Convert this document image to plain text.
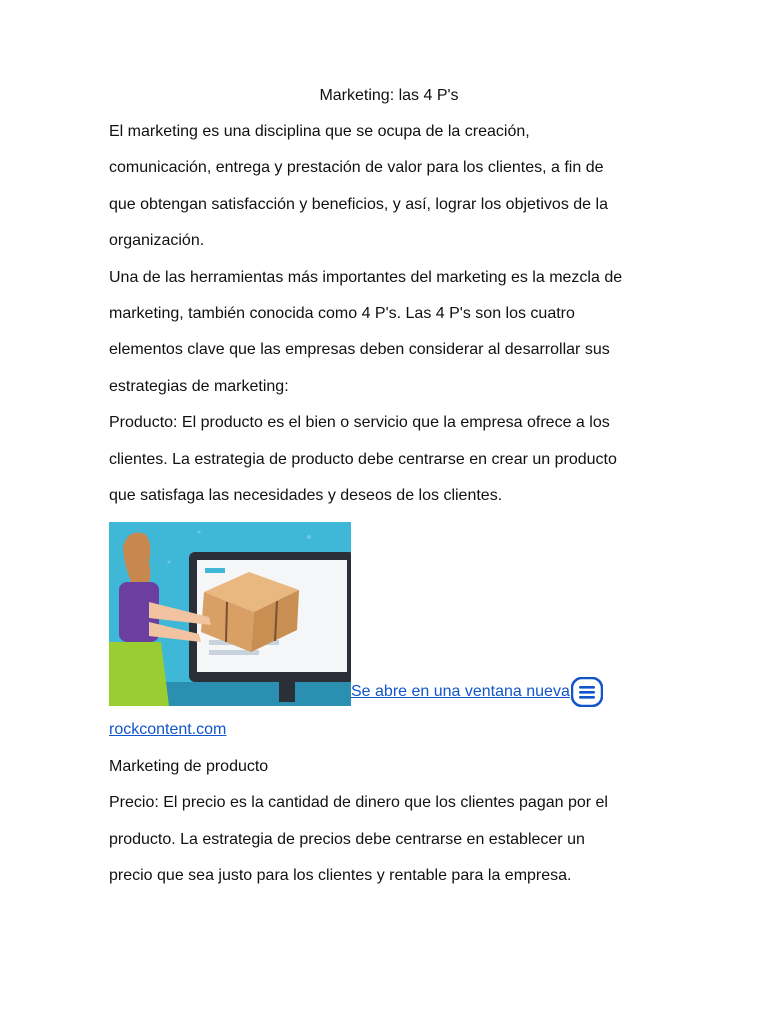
Marketing: las 4 P's

El marketing es una disciplina que se ocupa de la creación,

comunicación, entrega y prestación de valor para los clientes, a fin de

que obtengan satisfacción y beneficios, y así, lograr los objetivos de la

organización.

Una de las herramientas más importantes del marketing es la mezcla de

marketing, también conocida como 4 P's. Las 4 P's son los cuatro

elementos clave que las empresas deben considerar al desarrollar sus

estrategias de marketing:

Producto: El producto es el bien o servicio que la empresa ofrece a los

clientes. La estrategia de producto debe centrarse en crear un producto

que satisfaga las necesidades y deseos de los clientes.

Se abre en una ventana nueva

rockcontent.com

Marketing de producto

Precio: El precio es la cantidad de dinero que los clientes pagan por el

producto. La estrategia de precios debe centrarse en establecer un

precio que sea justo para los clientes y rentable para la empresa.
